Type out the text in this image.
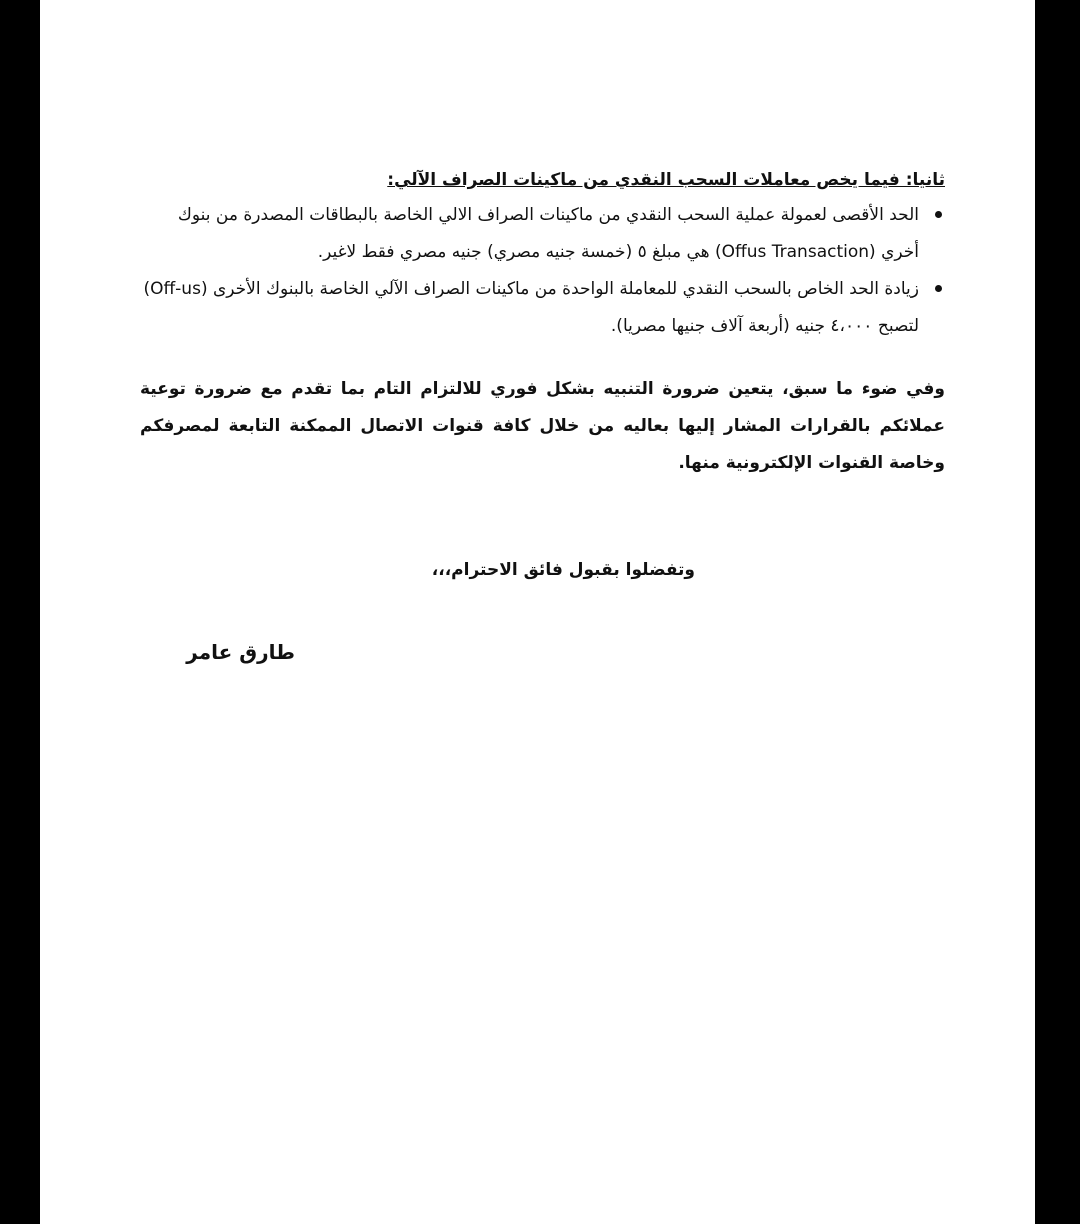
ثانيا: فيما يخص معاملات السحب النقدي من ماكينات الصراف الآلي:
الحد الأقصى لعمولة عملية السحب النقدي من ماكينات الصراف الالي الخاصة بالبطاقات المصدرة من بنوك أخري (Offus Transaction) هي مبلغ ٥ (خمسة جنيه مصري) جنيه مصري فقط لاغير.
زيادة الحد الخاص بالسحب النقدي للمعاملة الواحدة من ماكينات الصراف الآلي الخاصة بالبنوك الأخرى (Off-us) لتصبح ٤،٠٠٠ جنيه (أربعة آلاف جنيها مصريا).

وفي ضوء ما سبق، يتعين ضرورة التنبيه بشكل فوري للالتزام التام بما تقدم مع ضرورة توعية عملائكم بالقرارات المشار إليها بعاليه من خلال كافة قنوات الاتصال الممكنة التابعة لمصرفكم وخاصة القنوات الإلكترونية منها.

وتفضلوا بقبول فائق الاحترام،،،
طارق عامر
